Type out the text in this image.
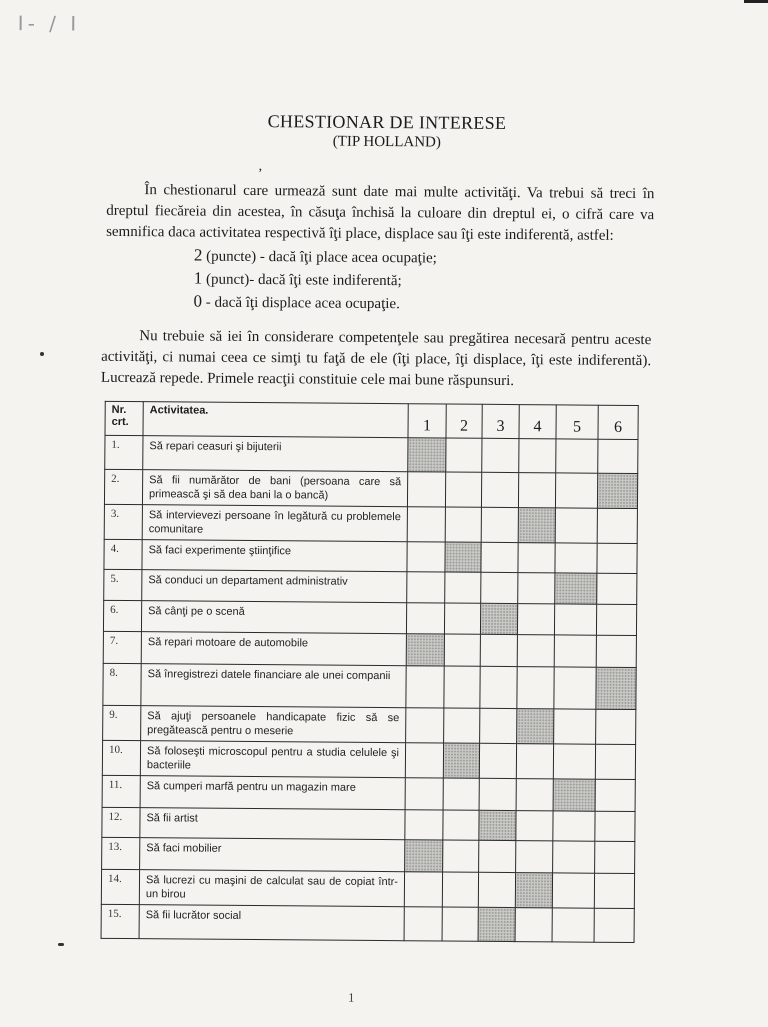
I- / I
CHESTIONAR DE INTERESE
(TIP HOLLAND)
,
În chestionarul care urmează sunt date mai multe activităţi. Va trebui să treci în dreptul fiecăreia din acestea, în căsuţa închisă la culoare din dreptul ei, o cifră care va semnifica daca activitatea respectivă îţi place, displace sau îţi este indiferentă, astfel:
2 (puncte) - dacă îţi place acea ocupaţie;
1 (punct)- dacă îţi este indiferentă;
0 - dacă îţi displace acea ocupaţie.
Nu trebuie să iei în considerare competenţele sau pregătirea necesară pentru aceste activităţi, ci numai ceea ce simţi tu faţă de ele (îţi place, îţi displace, îţi este indiferentă). Lucrează repede. Primele reacţii constituie cele mai bune răspunsuri.
Nr. crt.	Activitatea.	1	2	3	4	5	6
1.	Să repari ceasuri şi bijuterii						
2.	Să fii numărător de bani (persoana care să primească şi să dea bani la o bancă)						
3.	Să intervievezi persoane în legătură cu problemele comunitare						
4.	Să faci experimente ştiinţifice						
5.	Să conduci un departament administrativ						
6.	Să cânţi pe o scenă						
7.	Să repari motoare de automobile						
8.	Să înregistrezi datele financiare ale unei companii						
9.	Să ajuţi persoanele handicapate fizic să se pregătească pentru o meserie						
10.	Să foloseşti microscopul pentru a studia celulele şi bacteriile						
11.	Să cumperi marfă pentru un magazin mare						
12.	Să fii artist						
13.	Să faci mobilier						
14.	Să lucrezi cu maşini de calculat sau de copiat într-un birou						
15.	Să fii lucrător social						
1
